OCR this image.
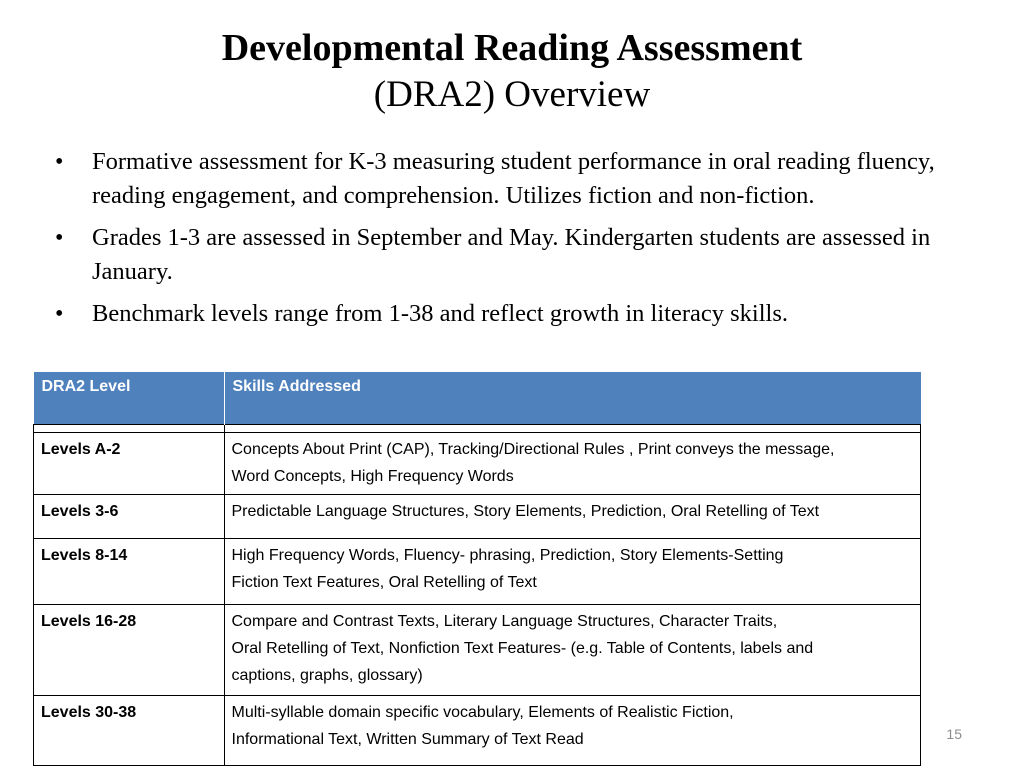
Developmental Reading Assessment
(DRA2) Overview
• Formative assessment for K-3 measuring student performance in oral reading fluency, reading engagement, and comprehension. Utilizes fiction and non-fiction.
• Grades 1-3 are assessed in September and May. Kindergarten students are assessed in January.
• Benchmark levels range from 1-38 and reflect growth in literacy skills.
DRA2 Level	Skills Addressed

Levels A-2	Concepts About Print (CAP), Tracking/Directional Rules , Print conveys the message,
Word Concepts, High Frequency Words

Levels 3-6	Predictable Language Structures, Story Elements, Prediction, Oral Retelling of Text

Levels 8-14	High Frequency Words, Fluency- phrasing, Prediction, Story Elements-Setting
Fiction Text Features, Oral Retelling of Text

Levels 16-28	Compare and Contrast Texts, Literary Language Structures, Character Traits,
Oral Retelling of Text, Nonfiction Text Features- (e.g. Table of Contents, labels and
captions, graphs, glossary)

Levels 30-38	Multi-syllable domain specific vocabulary, Elements of Realistic Fiction,
Informational Text, Written Summary of Text Read	15
